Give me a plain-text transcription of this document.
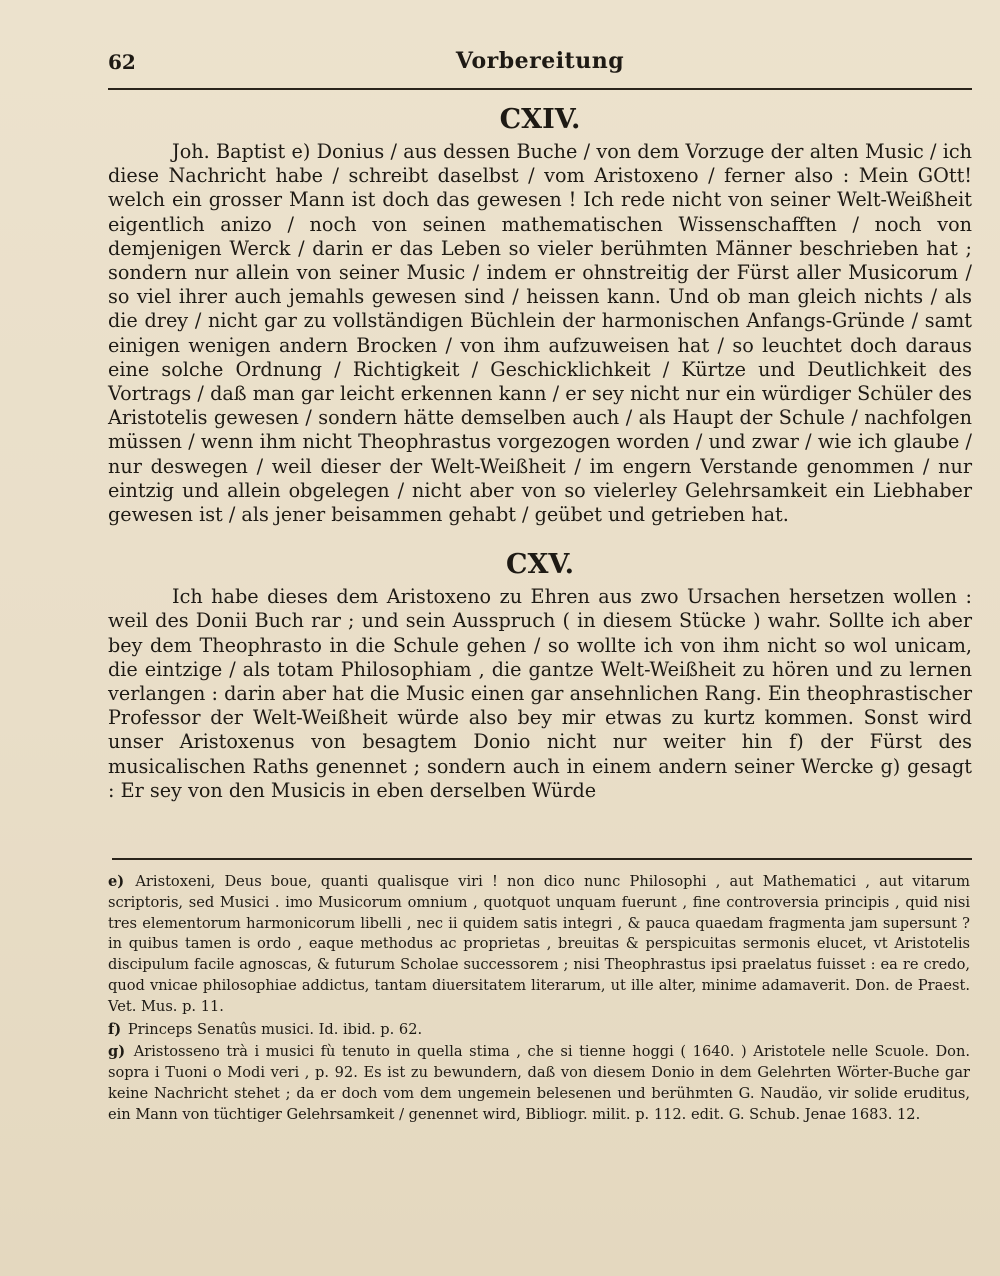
62	Vorbereitung
CXIV.

Joh. Baptist e) Donius / aus dessen Buche / von dem Vorzuge der alten Music / ich diese Nachricht habe / schreibt daselbst / vom Aristoxeno / ferner also : Mein GOtt! welch ein grosser Mann ist doch das gewesen ! Ich rede nicht von seiner Welt-Weißheit eigentlich anizo / noch von seinen mathematischen Wissenschafften / noch von demjenigen Werck / darin er das Leben so vieler berühmten Männer beschrieben hat ; sondern nur allein von seiner Music / indem er ohnstreitig der Fürst aller Musicorum / so viel ihrer auch jemahls gewesen sind / heissen kann. Und ob man gleich nichts / als die drey / nicht gar zu vollständigen Büchlein der harmonischen Anfangs-Gründe / samt einigen wenigen andern Brocken / von ihm aufzuweisen hat / so leuchtet doch daraus eine solche Ordnung / Richtigkeit / Geschicklichkeit / Kürtze und Deutlichkeit des Vortrags / daß man gar leicht erkennen kann / er sey nicht nur ein würdiger Schüler des Aristotelis gewesen / sondern hätte demselben auch / als Haupt der Schule / nachfolgen müssen / wenn ihm nicht Theophrastus vorgezogen worden / und zwar / wie ich glaube / nur deswegen / weil dieser der Welt-Weißheit / im engern Verstande genommen / nur eintzig und allein obgelegen / nicht aber von so vielerley Gelehrsamkeit ein Liebhaber gewesen ist / als jener beisammen gehabt / geübet und getrieben hat.

CXV.

Ich habe dieses dem Aristoxeno zu Ehren aus zwo Ursachen hersetzen wollen : weil des Donii Buch rar ; und sein Ausspruch ( in diesem Stücke ) wahr. Sollte ich aber bey dem Theophrasto in die Schule gehen / so wollte ich von ihm nicht so wol unicam, die eintzige / als totam Philosophiam , die gantze Welt-Weißheit zu hören und zu lernen verlangen : darin aber hat die Music einen gar ansehnlichen Rang. Ein theophrastischer Professor der Welt-Weißheit würde also bey mir etwas zu kurtz kommen. Sonst wird unser Aristoxenus von besagtem Donio nicht nur weiter hin f) der Fürst des musicalischen Raths genennet ; sondern auch in einem andern seiner Wercke g) gesagt : Er sey von den Musicis in eben derselben Würde

e) Aristoxeni, Deus boue, quanti qualisque viri ! non dico nunc Philosophi , aut Mathematici , aut vitarum scriptoris, sed Musici . imo Musicorum omnium , quotquot unquam fuerunt , fine controversia principis , quid nisi tres elementorum harmonicorum libelli , nec ii quidem satis integri , & pauca quaedam fragmenta jam supersunt ? in quibus tamen is ordo , eaque methodus ac proprietas , breuitas & perspicuitas sermonis elucet, vt Aristotelis discipulum facile agnoscas, & futurum Scholae successorem ; nisi Theophrastus ipsi praelatus fuisset : ea re credo, quod vnicae philosophiae addictus, tantam diuersitatem literarum, ut ille alter, minime adamaverit. Don. de Praest. Vet. Mus. p. 11.

f) Princeps Senatûs musici. Id. ibid. p. 62.

g) Aristosseno trà i musici fù tenuto in quella stima , che si tienne hoggi ( 1640. ) Aristotele nelle Scuole. Don. sopra i Tuoni o Modi veri , p. 92. Es ist zu bewundern, daß von diesem Donio in dem Gelehrten Wörter-Buche gar keine Nachricht stehet ; da er doch vom dem ungemein belesenen und berühmten G. Naudäo, vir solide eruditus, ein Mann von tüchtiger Gelehrsamkeit / genennet wird, Bibliogr. milit. p. 112. edit. G. Schub. Jenae 1683. 12.
